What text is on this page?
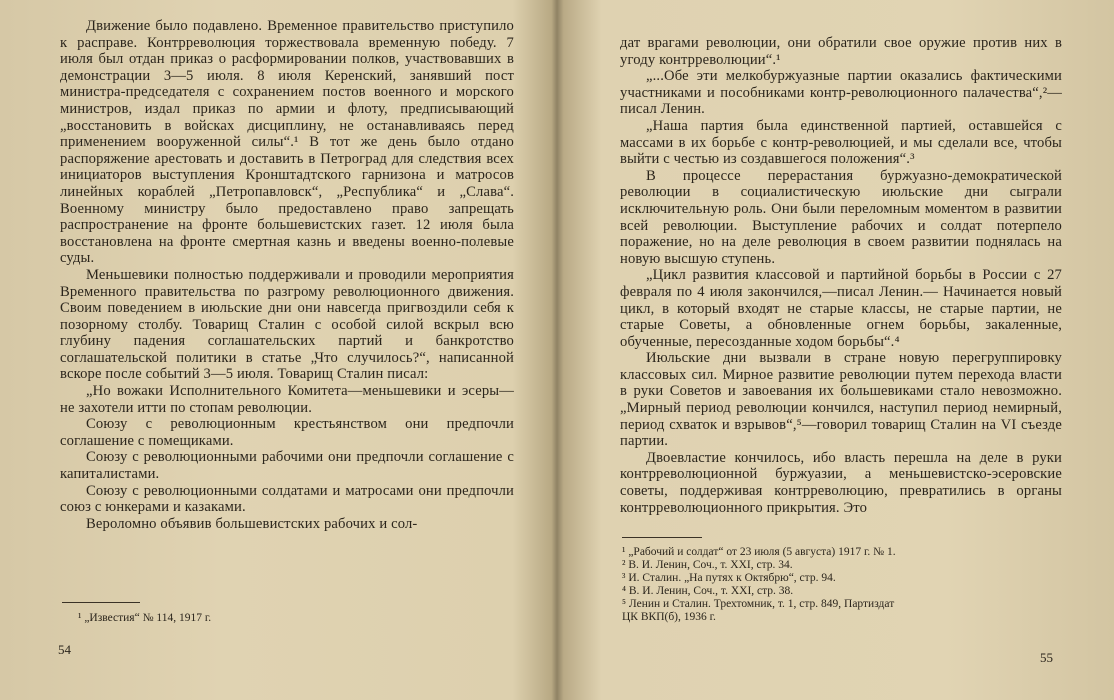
Движение было подавлено. Временное правительство приступило к расправе. Контрреволюция торжествовала временную победу. 7 июля был отдан приказ о расформировании полков, участвовавших в демонстрации 3—5 июля. 8 июля Керенский, занявший пост министра-председателя с сохранением постов военного и морского министров, издал приказ по армии и флоту, предписывающий „восстановить в войсках дисциплину, не останавливаясь перед применением вооруженной силы“.¹ В тот же день было отдано распоряжение арестовать и доставить в Петроград для следствия всех инициаторов выступления Кронштадтского гарнизона и матросов линейных кораблей „Петропавловск“, „Республика“ и „Слава“. Военному министру было предоставлено право запрещать распространение на фронте большевистских газет. 12 июля была восстановлена на фронте смертная казнь и введены военно-полевые суды.

Меньшевики полностью поддерживали и проводили мероприятия Временного правительства по разгрому революционного движения. Своим поведением в июльские дни они навсегда пригвоздили себя к позорному столбу. Товарищ Сталин с особой силой вскрыл всю глубину падения соглашательских партий и банкротство соглашательской политики в статье „Что случилось?“, написанной вскоре после событий 3—5 июля. Товарищ Сталин писал:

„Но вожаки Исполнительного Комитета—меньшевики и эсеры—не захотели итти по стопам революции.

Союзу с революционным крестьянством они предпочли соглашение с помещиками.

Союзу с революционными рабочими они предпочли соглашение с капиталистами.

Союзу с революционными солдатами и матросами они предпочли союз с юнкерами и казаками.

Вероломно объявив большевистских рабочих и сол-

¹ „Известия“ № 114, 1917 г.
54

дат врагами революции, они обратили свое оружие против них в угоду контрреволюции“.¹

„...Обе эти мелкобуржуазные партии оказались фактическими участниками и пособниками контр-революционного палачества“,²—писал Ленин.

„Наша партия была единственной партией, оставшейся с массами в их борьбе с контр-революцией, и мы сделали все, чтобы выйти с честью из создавшегося положения“.³

В процессе перерастания буржуазно-демократической революции в социалистическую июльские дни сыграли исключительную роль. Они были переломным моментом в развитии всей революции. Выступление рабочих и солдат потерпело поражение, но на деле революция в своем развитии поднялась на новую высшую ступень.

„Цикл развития классовой и партийной борьбы в России с 27 февраля по 4 июля закончился,—писал Ленин.— Начинается новый цикл, в который входят не старые классы, не старые партии, не старые Советы, а обновленные огнем борьбы, закаленные, обученные, пересозданные ходом борьбы“.⁴

Июльские дни вызвали в стране новую перегруппировку классовых сил. Мирное развитие революции путем перехода власти в руки Советов и завоевания их большевиками стало невозможно. „Мирный период революции кончился, наступил период немирный, период схваток и взрывов“,⁵—говорил товарищ Сталин на VI съезде партии.

Двоевластие кончилось, ибо власть перешла на деле в руки контрреволюционной буржуазии, а меньшевистско-эсеровские советы, поддерживая контрреволюцию, превратились в органы контрреволюционного прикрытия. Это

¹ „Рабочий и солдат“ от 23 июля (5 августа) 1917 г. № 1.
² В. И. Ленин, Соч., т. XXI, стр. 34.
³ И. Сталин. „На путях к Октябрю“, стр. 94.
⁴ В. И. Ленин, Соч., т. XXI, стр. 38.
⁵ Ленин и Сталин. Трехтомник, т. 1, стр. 849, Партиздат
ЦК ВКП(б), 1936 г.
55
